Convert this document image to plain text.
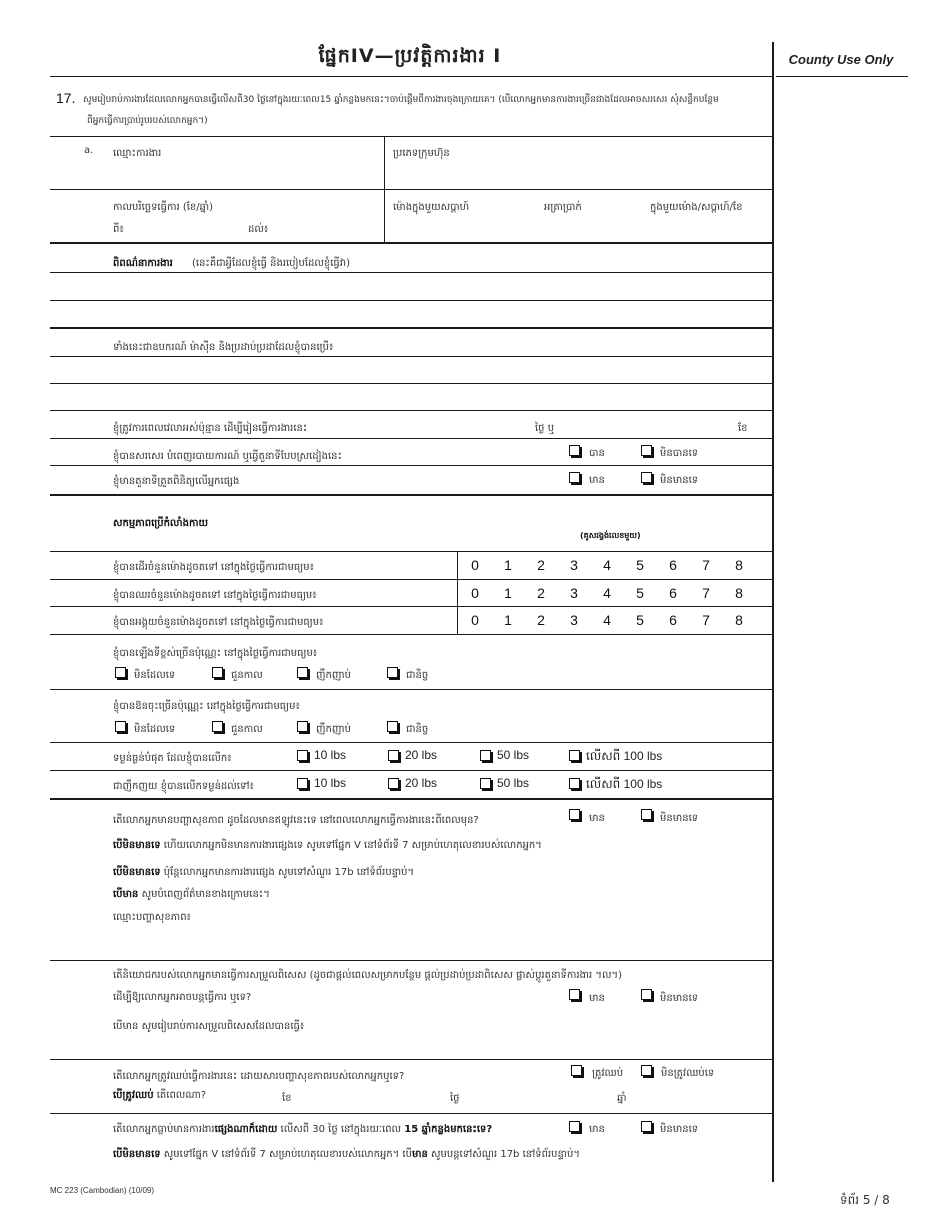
ផ្នែកIV—ប្រវត្តិការងារ I	County Use Only
17. សូមរៀបរាប់ការងារដែលលោកអ្នកបានធ្វើលើសពី30 ថ្ងៃនៅក្នុងរយៈពេល15 ឆ្នាំកន្លងមកនេះ។ចាប់ផ្តើមពីការងារចុងក្រោយគេ។ (បើលោកអ្នកមានការងារច្រើនជាងដែលអាចសរសេរ សុំសន្លឹកបន្ថែម
ពីអ្នកធ្វើការប្រាប់រូបរបស់លោកអ្នក។)
a. ឈ្មោះការងារ	ប្រភេទក្រុមហ៊ុន
កាលបរិច្ឆេទធ្វើការ (ខែ/ឆ្នាំ)
ពី៖	ដល់៖
ម៉ោងក្នុងមួយសប្តាហ៍	អត្រាប្រាក់	ក្នុងមួយម៉ោង/សប្តាហ៍/ខែ
ពិពណ៌នាការងារ (នេះគឺជាអ្វីដែលខ្ញុំធ្វើ និងរបៀបដែលខ្ញុំធ្វើវា)
ទាំងនេះជាឧបករណ៍ ម៉ាស៊ីន និងប្រដាប់ប្រដាដែលខ្ញុំបានប្រើ៖
ខ្ញុំត្រូវការពេលវេលាអស់ប៉ុន្មាន ដើម្បីរៀនធ្វើការងារនេះ	ថ្ងៃ ឬ	ខែ
ខ្ញុំបានសរសេរ បំពេញរបាយការណ៍ ឬធ្វើតួនាទីបែបស្រដៀងនេះ	បាន	មិនបានទេ
ខ្ញុំមានតួនាទីត្រួតពិនិត្យលើអ្នកផ្សេង	មាន	មិនមានទេ
សកម្មភាពប្រើកំលាំងកាយ
(គូសរង្វង់លេខមួយ)
ខ្ញុំបានដើរចំនួនម៉ោងដូចតទៅ នៅក្នុងថ្ងៃធ្វើការជាមធ្យម៖	0	1	2	3	4	5	6	7	8
ខ្ញុំបានឈរចំនួនម៉ោងដូចតទៅ នៅក្នុងថ្ងៃធ្វើការជាមធ្យម៖	0	1	2	3	4	5	6	7	8
ខ្ញុំបានអង្គុយចំនួនម៉ោងដូចតទៅ នៅក្នុងថ្ងៃធ្វើការជាមធ្យម៖	0	1	2	3	4	5	6	7	8
ខ្ញុំបានឡើងទីខ្ពស់ច្រើនប៉ុណ្ណេះ នៅក្នុងថ្ងៃធ្វើការជាមធ្យម៖
មិនដែលទេ	ជួនកាល	ញឹកញាប់	ជានិច្ច
ខ្ញុំបានឱនចុះច្រើនប៉ុណ្ណេះ នៅក្នុងថ្ងៃធ្វើការជាមធ្យម៖
មិនដែលទេ	ជួនកាល	ញឹកញាប់	ជានិច្ច
ទម្ងន់ធ្ងន់បំផុត ដែលខ្ញុំបានលើក៖	10 lbs	20 lbs	50 lbs	លើសពី 100 lbs
ជាញឹកញយ ខ្ញុំបានលើកទម្ងន់ដល់ទៅ៖	10 lbs	20 lbs	50 lbs	លើសពី 100 lbs
តើលោកអ្នកមានបញ្ហាសុខភាព ដូចដែលមានឥឡូវនេះទេ នៅពេលលោកអ្នកធ្វើការងារនេះពីពេលមុន?	មាន	មិនមានទេ
បើមិនមានទេ ហើយលោកអ្នកមិនមានការងារផ្សេងទេ សូមទៅផ្នែក V នៅទំព័រទី 7 សម្រាប់ហេតុលេខារបស់លោកអ្នក។
បើមិនមានទេ ប៉ុន្តែលោកអ្នកមានការងារផ្សេង សូមទៅសំណួរ 17b នៅទំព័របន្ទាប់។
បើមាន សូមបំពេញព័ត៌មានខាងក្រោមនេះ។
ឈ្មោះបញ្ហាសុខភាព៖
តើនិយោជករបស់លោកអ្នកមានធ្វើការសម្រួលពិសេស (ដូចជាផ្តល់ពេលសម្រាកបន្ថែម ផ្តល់ប្រដាប់ប្រដាពិសេស ផ្លាស់ប្តូរតួនាទីការងារ ។ល។)
ដើម្បីឱ្យលោកអ្នកអាចបន្តធ្វើការ ឬទេ?	មាន	មិនមានទេ
បើមាន សូមរៀបរាប់ការសម្រួលពិសេសដែលបានធ្វើ៖
តើលោកអ្នកត្រូវឈប់ធ្វើការងារនេះ ដោយសារបញ្ហាសុខភាពរបស់លោកអ្នកឬទេ?	ត្រូវឈប់	មិនត្រូវឈប់ទេ
បើត្រូវឈប់ តើពេលណា?	ខែ	ថ្ងៃ	ឆ្នាំ
តើលោកអ្នកធ្លាប់មានការងារផ្សេងណាក៏ដោយ លើសពី 30 ថ្ងៃ នៅក្នុងរយៈពេល 15 ឆ្នាំកន្លងមកនេះទេ?	មាន	មិនមានទេ
បើមិនមានទេ សូមទៅផ្នែក V នៅទំព័រទី 7 សម្រាប់ហេតុលេខារបស់លោកអ្នក។ បើមាន សូមបន្តទៅសំណួរ 17b នៅទំព័របន្ទាប់។
MC 223 (Cambodian) (10/09)
ទំព័រ 5 / 8
